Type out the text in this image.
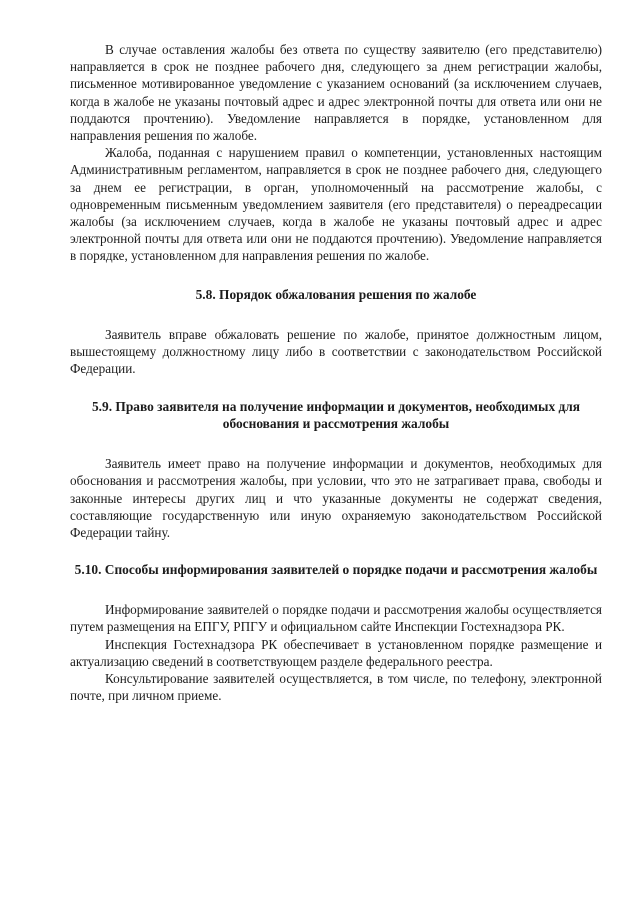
В случае оставления жалобы без ответа по существу заявителю (его представителю) направляется в срок не позднее рабочего дня, следующего за днем регистрации жалобы, письменное мотивированное уведомление с указанием оснований (за исключением случаев, когда в жалобе не указаны почтовый адрес и адрес электронной почты для ответа или они не поддаются прочтению). Уведомление направляется в порядке, установленном для направления решения по жалобе.

Жалоба, поданная с нарушением правил о компетенции, установленных настоящим Административным регламентом, направляется в срок не позднее рабочего дня, следующего за днем ее регистрации, в орган, уполномоченный на рассмотрение жалобы, с одновременным письменным уведомлением заявителя (его представителя) о переадресации жалобы (за исключением случаев, когда в жалобе не указаны почтовый адрес и адрес электронной почты для ответа или они не поддаются прочтению). Уведомление направляется в порядке, установленном для направления решения по жалобе.

5.8. Порядок обжалования решения по жалобе

Заявитель вправе обжаловать решение по жалобе, принятое должностным лицом, вышестоящему должностному лицу либо в соответствии с законодательством Российской Федерации.

5.9. Право заявителя на получение информации и документов, необходимых для обоснования и рассмотрения жалобы

Заявитель имеет право на получение информации и документов, необходимых для обоснования и рассмотрения жалобы, при условии, что это не затрагивает права, свободы и законные интересы других лиц и что указанные документы не содержат сведения, составляющие государственную или иную охраняемую законодательством Российской Федерации тайну.

5.10. Способы информирования заявителей о порядке подачи и рассмотрения жалобы

Информирование заявителей о порядке подачи и рассмотрения жалобы осуществляется путем размещения на ЕПГУ, РПГУ и официальном сайте Инспекции Гостехнадзора РК.

Инспекция Гостехнадзора РК обеспечивает в установленном порядке размещение и актуализацию сведений в соответствующем разделе федерального реестра.

Консультирование заявителей осуществляется, в том числе, по телефону, электронной почте, при личном приеме.
